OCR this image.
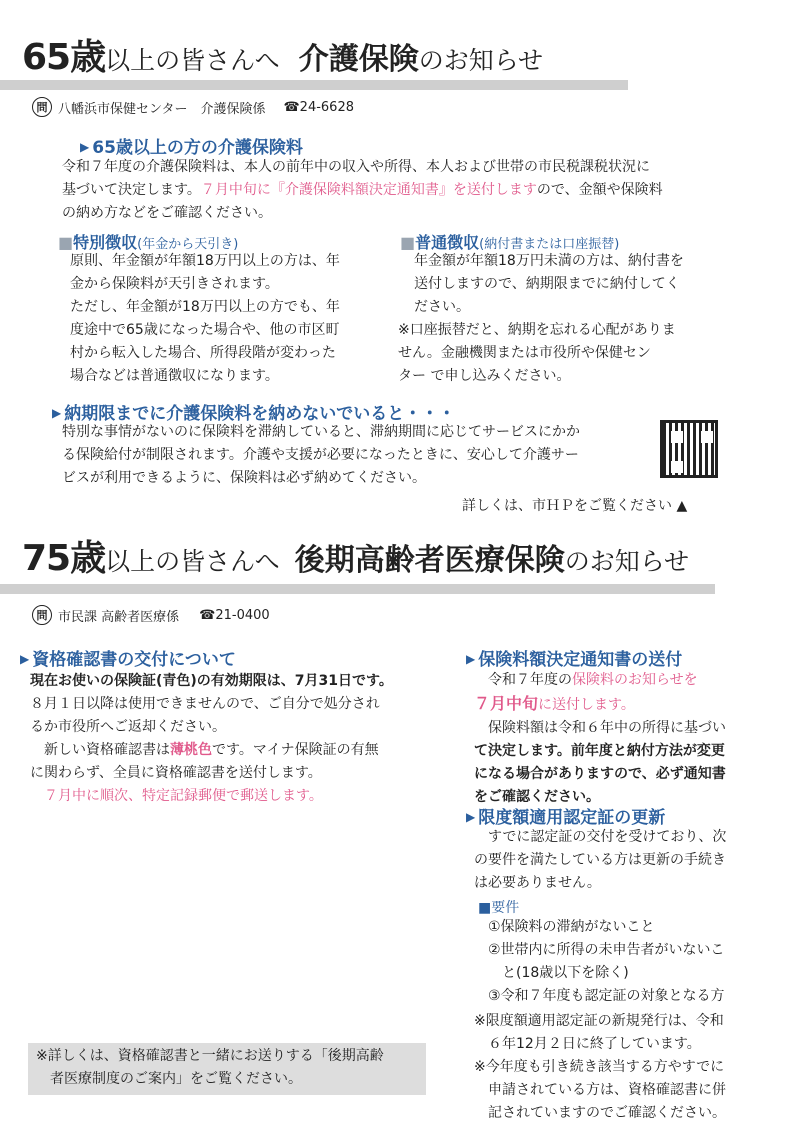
65歳以上の皆さんへ 介護保険のお知らせ
問 八幡浜市保健センター　介護保険係 ☎24-6628
▶ 65歳以上の方の介護保険料
令和７年度の介護保険料は、本人の前年中の収入や所得、本人および世帯の市民税課税状況に
基づいて決定します。７月中旬に『介護保険料額決定通知書』を送付しますので、金額や保険料
の納め方などをご確認ください。
■特別徴収(年金から天引き)
原則、年金額が年額18万円以上の方は、年
金から保険料が天引きされます。
ただし、年金額が18万円以上の方でも、年
度途中で65歳になった場合や、他の市区町
村から転入した場合、所得段階が変わった
場合などは普通徴収になります。
■普通徴収(納付書または口座振替)
年金額が年額18万円未満の方は、納付書を
送付しますので、納期限までに納付してく
ださい。
※口座振替だと、納期を忘れる心配がありま
せん。金融機関または市役所や保健セン
ター で申し込みください。
▶ 納期限までに介護保険料を納めないでいると・・・
特別な事情がないのに保険料を滞納していると、滞納期間に応じてサービスにかか
る保険給付が制限されます。介護や支援が必要になったときに、安心して介護サー
ビスが利用できるように、保険料は必ず納めてください。
詳しくは、市ＨＰをご覧ください ▲
75歳以上の皆さんへ 後期高齢者医療保険のお知らせ
問 市民課 高齢者医療係 ☎21-0400
▶ 資格確認書の交付について
現在お使いの保険証(青色)の有効期限は、7月31日です。
８月１日以降は使用できませんので、ご自分で処分され
るか市役所へご返却ください。
　新しい資格確認書は薄桃色です。マイナ保険証の有無
に関わらず、全員に資格確認書を送付します。
　７月中に順次、特定記録郵便で郵送します。
※詳しくは、資格確認書と一緒にお送りする「後期高齢
　者医療制度のご案内」をご覧ください。
▶ 保険料額決定通知書の送付
　令和７年度の保険料のお知らせを
７月中旬に送付します。
　保険料額は令和６年中の所得に基づい
て決定します。前年度と納付方法が変更
になる場合がありますので、必ず通知書
をご確認ください。
▶ 限度額適用認定証の更新
　すでに認定証の交付を受けており、次
の要件を満たしている方は更新の手続き
は必要ありません。
■要件
①保険料の滞納がないこと
②世帯内に所得の未申告者がいないこ
　と(18歳以下を除く)
③令和７年度も認定証の対象となる方
※限度額適用認定証の新規発行は、令和
　６年12月２日に終了しています。
※今年度も引き続き該当する方やすでに
　申請されている方は、資格確認書に併
　記されていますのでご確認ください。
